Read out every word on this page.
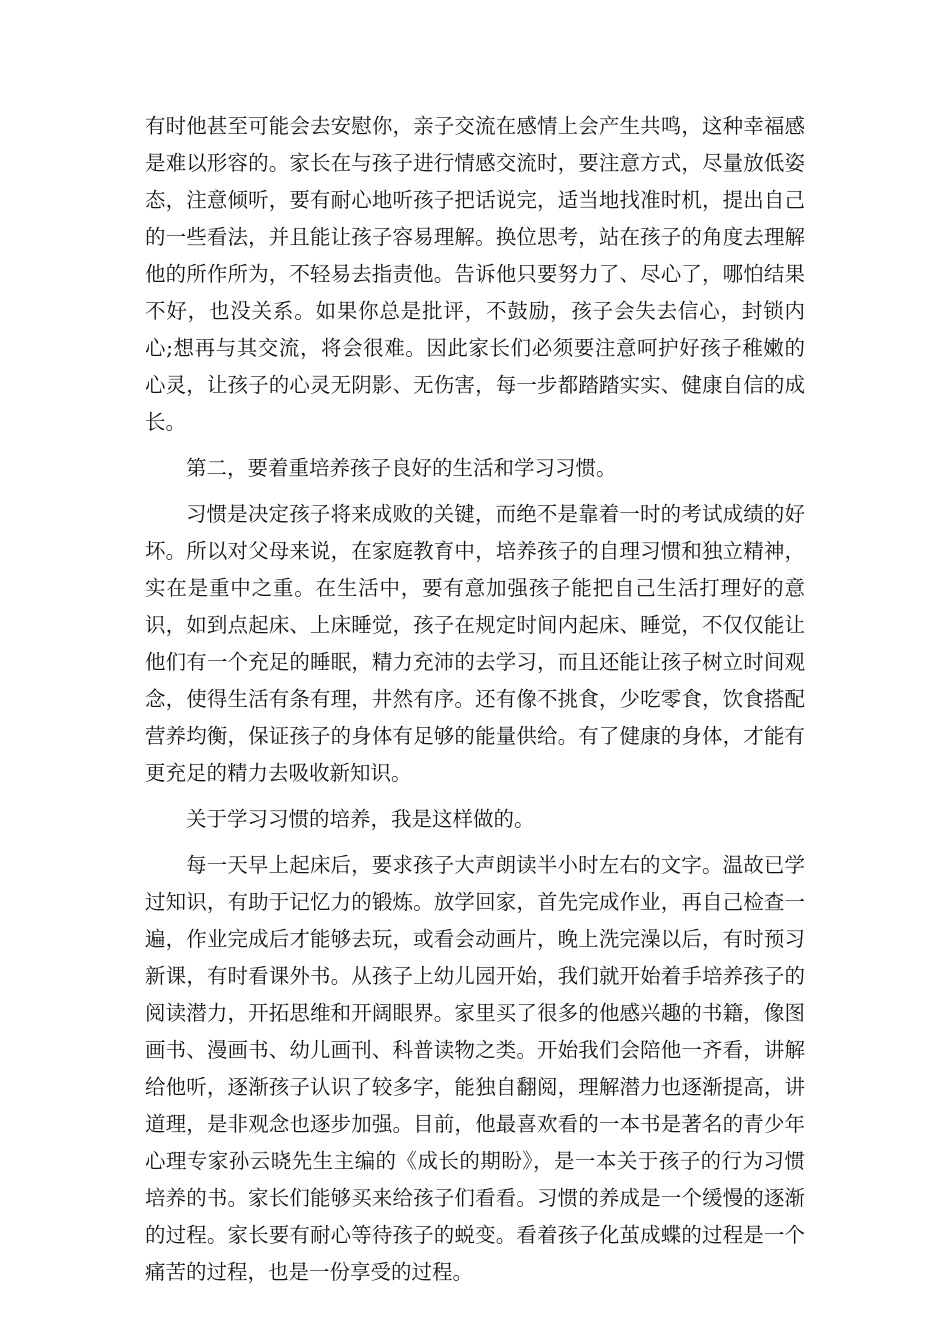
有时他甚至可能会去安慰你，亲子交流在感情上会产生共鸣，这种幸福感是难以形容的。家长在与孩子进行情感交流时，要注意方式，尽量放低姿态，注意倾听，要有耐心地听孩子把话说完，适当地找准时机，提出自己的一些看法，并且能让孩子容易理解。换位思考，站在孩子的角度去理解他的所作所为，不轻易去指责他。告诉他只要努力了、尽心了，哪怕结果不好，也没关系。如果你总是批评，不鼓励，孩子会失去信心，封锁内心;想再与其交流，将会很难。因此家长们必须要注意呵护好孩子稚嫩的心灵，让孩子的心灵无阴影、无伤害，每一步都踏踏实实、健康自信的成长。

第二，要着重培养孩子良好的生活和学习习惯。

习惯是决定孩子将来成败的关键，而绝不是靠着一时的考试成绩的好坏。所以对父母来说，在家庭教育中，培养孩子的自理习惯和独立精神，实在是重中之重。在生活中，要有意加强孩子能把自己生活打理好的意识，如到点起床、上床睡觉，孩子在规定时间内起床、睡觉，不仅仅能让他们有一个充足的睡眠，精力充沛的去学习，而且还能让孩子树立时间观念，使得生活有条有理，井然有序。还有像不挑食，少吃零食，饮食搭配营养均衡，保证孩子的身体有足够的能量供给。有了健康的身体，才能有更充足的精力去吸收新知识。

关于学习习惯的培养，我是这样做的。

每一天早上起床后，要求孩子大声朗读半小时左右的文字。温故已学过知识，有助于记忆力的锻炼。放学回家，首先完成作业，再自己检查一遍，作业完成后才能够去玩，或看会动画片，晚上洗完澡以后，有时预习新课，有时看课外书。从孩子上幼儿园开始，我们就开始着手培养孩子的阅读潜力，开拓思维和开阔眼界。家里买了很多的他感兴趣的书籍，像图画书、漫画书、幼儿画刊、科普读物之类。开始我们会陪他一齐看，讲解给他听，逐渐孩子认识了较多字，能独自翻阅，理解潜力也逐渐提高，讲道理，是非观念也逐步加强。目前，他最喜欢看的一本书是著名的青少年心理专家孙云晓先生主编的《成长的期盼》，是一本关于孩子的行为习惯培养的书。家长们能够买来给孩子们看看。习惯的养成是一个缓慢的逐渐的过程。家长要有耐心等待孩子的蜕变。看着孩子化茧成蝶的过程是一个痛苦的过程，也是一份享受的过程。
